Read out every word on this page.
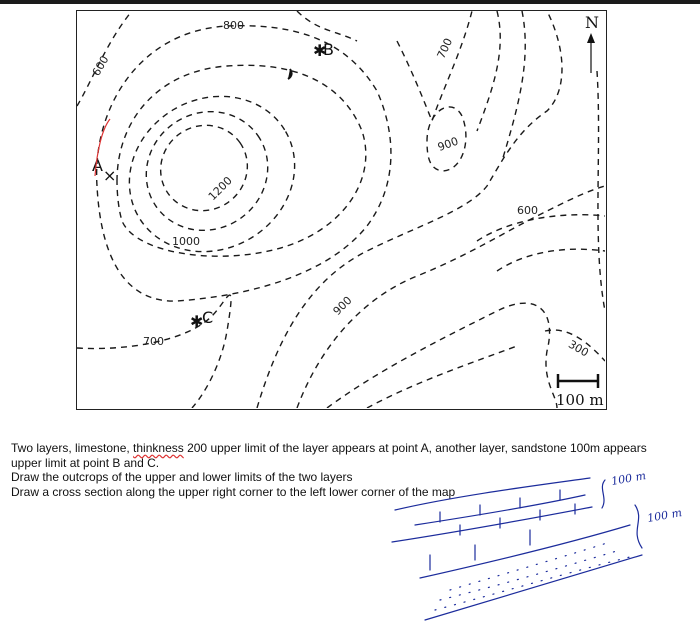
800
600
700
900
1200
1000
600
900
700	300
✱
B
A
×
✱
C
N
100 m

Two layers, limestone, thinkness 200 upper limit of the layer appears at point A, another layer, sandstone 100m appears

upper limit at point B and C.

Draw the outcrops of the upper and lower limits of the two layers

Draw a cross section along the upper right corner to the left lower corner of the map

100 m
100 m
